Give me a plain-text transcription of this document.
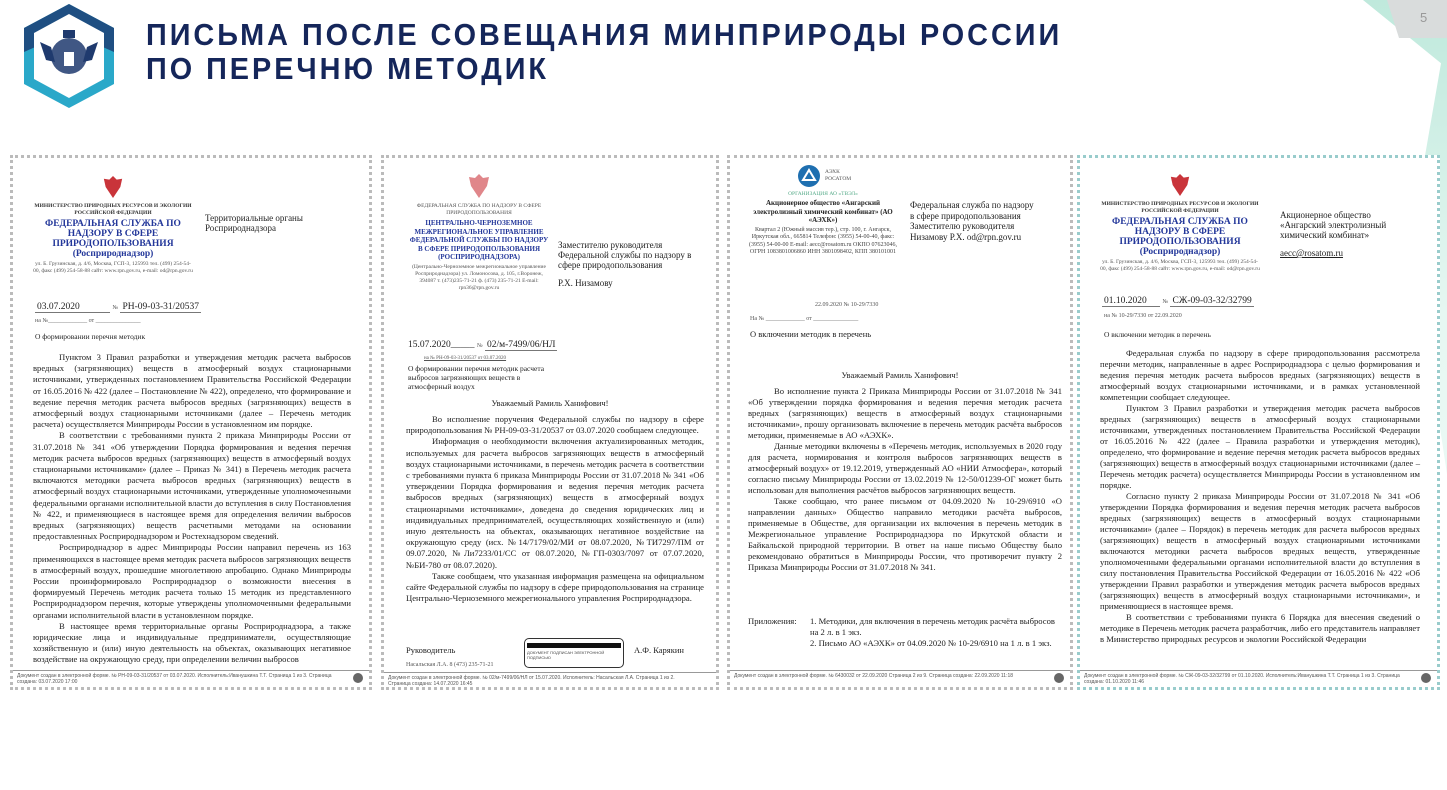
ПИСЬМА ПОСЛЕ СОВЕЩАНИЯ МИНПРИРОДЫ РОССИИ
ПО ПЕРЕЧНЮ МЕТОДИК
5
МИНИСТЕРСТВО ПРИРОДНЫХ РЕСУРСОВ И ЭКОЛОГИИ РОССИЙСКОЙ ФЕДЕРАЦИИ
ФЕДЕРАЛЬНАЯ СЛУЖБА ПО НАДЗОРУ В СФЕРЕ ПРИРОДОПОЛЬЗОВАНИЯ (Росприроднадзор)
ул. Б. Грузинская, д. 4/6, Москва, ГСП-3, 125993 тел. (499) 254-54-00, факс (499) 254-58-88 сайт: www.rpn.gov.ru, e-mail: od@rpn.gov.ru
03.07.2020	№ РН-09-03-31/20537
на №_____________ от _______________
Территориальные органы Росприроднадзора
О формировании перечня методик

Пунктом 3 Правил разработки и утверждения методик расчета выбросов вредных (загрязняющих) веществ в атмосферный воздух стационарными источниками, утвержденных постановлением Правительства Российской Федерации от 16.05.2016 № 422 (далее – Постановление № 422), определено, что формирование и ведение перечня методик расчета выбросов вредных (загрязняющих) веществ в атмосферный воздух стационарными источниками (далее – Перечень методик расчета) осуществляется Минприроды России в установленном им порядке.

В соответствии с требованиями пункта 2 приказа Минприроды России от 31.07.2018 № 341 «Об утверждении Порядка формирования и ведения перечня методик расчета выбросов вредных (загрязняющих) веществ в атмосферный воздух стационарными источниками» (далее – Приказ № 341) в Перечень методик расчета включаются методики расчета выбросов вредных (загрязняющих) веществ в атмосферный воздух стационарными источниками, утвержденные уполномоченными федеральными органами исполнительной власти до вступления в силу Постановления № 422, и применяющиеся в настоящее время для определения величин выбросов вредных (загрязняющих) веществ расчетными методами на основании предоставленных Росприроднадзором и Ростехнадзором сведений.

Росприроднадзор в адрес Минприроды России направил перечень из 163 применяющихся в настоящее время методик расчета выбросов загрязняющих веществ в атмосферный воздух, прошедшие многолетнюю апробацию. Однако Минприроды России проинформировало Росприроднадзор о возможности внесения в формируемый Перечень методик расчета только 15 методик из представленного Росприроднадзором перечня, которые утверждены уполномоченными федеральными органами исполнительной власти в установленном порядке.

В настоящее время территориальные органы Росприроднадзора, а также юридические лица и индивидуальные предприниматели, осуществляющие хозяйственную и (или) иную деятельность на объектах, оказывающих негативное воздействие на окружающую среду, при определении величин выбросов

Документ создан в электронной форме. № РН-09-03-31/20537 от 03.07.2020. Исполнитель:Иванушкина Т.Т. Страница 1 из 3. Страница создана: 03.07.2020 17:00
ФЕДЕРАЛЬНАЯ СЛУЖБА ПО НАДЗОРУ В СФЕРЕ ПРИРОДОПОЛЬЗОВАНИЯ
ЦЕНТРАЛЬНО-ЧЕРНОЗЕМНОЕ МЕЖРЕГИОНАЛЬНОЕ УПРАВЛЕНИЕ ФЕДЕРАЛЬНОЙ СЛУЖБЫ ПО НАДЗОРУ В СФЕРЕ ПРИРОДОПОЛЬЗОВАНИЯ (РОСПРИРОДНАДЗОРА)
(Центрально-Черноземное межрегиональное управление Росприроднадзора) ул. Ломоносова, д. 105, г.Воронеж, 394087 т. (473)235-71-21 ф. (473) 235-71-21 E-mail: rpn36@rpn.gov.ru
15.07.2020_____ № 02/м-7499/06/НЛ
на № РН-09-03-31/20537 от 03.07.2020
О формировании перечня методик расчета выбросов загрязняющих веществ в атмосферный воздух
Заместителю руководителя Федеральной службы по надзору в сфере природопользования
Р.Х. Низамову
Уважаемый Рамиль Ханифович!

Во исполнение поручения Федеральной службы по надзору в сфере природопользования № РН-09-03-31/20537 от 03.07.2020 сообщаем следующее.

Информация о необходимости включения актуализированных методик, используемых для расчета выбросов загрязняющих веществ в атмосферный воздух стационарными источниками, в перечень методик расчета в соответствии с требованиями пункта 6 приказа Минприроды России от 31.07.2018 № 341 «Об утверждении Порядка формирования и ведения перечня методик расчета выбросов вредных (загрязняющих) веществ в атмосферный воздух стационарными источниками», доведена до сведения юридических лиц и индивидуальных предпринимателей, осуществляющих хозяйственную и (или) иную деятельность на объектах, оказывающих негативное воздействие на окружающую среду (исх. №14/7179/02/МИ от 08.07.2020, №ТИ7297/ПМ от 09.07.2020, №Ли7233/01/СС от 08.07.2020, №ГП-0303/7097 от 07.07.2020, №БИ-780 от 08.07.2020).

Также сообщаем, что указанная информация размещена на официальном сайте Федеральной службы по надзору в сфере природопользования на странице Центрально-Черноземного межрегионального управления Росприроднадзора.

Руководитель	А.Ф. Карякин
ДОКУМЕНТ ПОДПИСАН ЭЛЕКТРОННОЙ ПОДПИСЬЮ
Насальская Л.А. 8 (473) 235-71-21
Документ создан в электронной форме. № 02/м-7499/06/НЛ от 15.07.2020. Исполнитель: Насальская Л.А. Страница 1 из 2. Страница создана: 14.07.2020 16:45
АЭХК РОСАТОМ
ОРГАНИЗАЦИЯ АО «ТВЭЛ»
Акционерное общество «Ангарский электролизный химический комбинат» (АО «АЭХК»)
Квартал 2 (Южный массив тер.), стр. 100, г. Ангарск, Иркутская обл., 665814 Телефон: (3955) 54-00-40, факс: (3955) 54-00-00 E-mail: aecc@rosatom.ru ОКПО 07623046, ОГРН 1083801006860 ИНН 3801098402, КПП 380101001
22.09.2020 № 10-29/7330
На № _____________ от _______________
О включении методик в перечень
Федеральная служба по надзору в сфере природопользования Заместителю руководителя Низамову Р.Х. od@rpn.gov.ru
Уважаемый Рамиль Ханифович!

Во исполнение пункта 2 Приказа Минприроды России от 31.07.2018 № 341 «Об утверждении порядка формирования и ведения перечня методик расчета вредных (загрязняющих) веществ в атмосферный воздух стационарными источниками», прошу организовать включение в перечень методик расчёта выбросов методики, применяемые в АО «АЭХК».

Данные методики включены в «Перечень методик, используемых в 2020 году для расчета, нормирования и контроля выбросов загрязняющих веществ в атмосферный воздух» от 19.12.2019, утвержденный АО «НИИ Атмосфера», который согласно письму Минприроды России от 13.02.2019 № 12-50/01239-ОГ может быть использован для выполнения расчётов выбросов загрязняющих веществ.

Также сообщаю, что ранее письмом от 04.09.2020 № 10-29/6910 «О направлении данных» Общество направило методики расчёта выбросов, применяемые в Обществе, для организации их включения в перечень методик в Межрегиональное управление Росприроднадзора по Иркутской области и Байкальской природной территории. В ответ на наше письмо Обществу было рекомендовано обратиться в Минприроды России, что противоречит пункту 2 Приказа Минприроды России от 31.07.2018 № 341.

Приложения: 1. Методики, для включения в перечень методик расчёта выбросов на 2 л. в 1 экз.
2. Письмо АО «АЭХК» от 04.09.2020 № 10-29/6910 на 1 л. в 1 экз.
Документ создан в электронной форме. № 6430032 от 22.09.2020 Страница 2 из 9. Страница создана: 22.09.2020 11:18
МИНИСТЕРСТВО ПРИРОДНЫХ РЕСУРСОВ И ЭКОЛОГИИ РОССИЙСКОЙ ФЕДЕРАЦИИ
ФЕДЕРАЛЬНАЯ СЛУЖБА ПО НАДЗОРУ В СФЕРЕ ПРИРОДОПОЛЬЗОВАНИЯ (Росприроднадзор)
ул. Б. Грузинская, д. 4/6, Москва, ГСП-3, 125993 тел. (499) 254-54-00, факс (499) 254-58-88 сайт: www.rpn.gov.ru, e-mail: od@rpn.gov.ru
01.10.2020	№ СЖ-09-03-32/32799
на № 10-29/7330 от 22.09.2020
Акционерное общество «Ангарский электролизный химический комбинат»
aecc@rosatom.ru
О включении методик в перечень

Федеральная служба по надзору в сфере природопользования рассмотрела перечни методик, направленные в адрес Росприроднадзора с целью формирования и ведения перечня методик расчета выбросов вредных (загрязняющих) веществ в атмосферный воздух стационарными источниками, и в рамках установленной компетенции сообщает следующее.

Пунктом 3 Правил разработки и утверждения методик расчета выбросов вредных (загрязняющих) веществ в атмосферный воздух стационарными источниками, утвержденных постановлением Правительства Российской Федерации от 16.05.2016 № 422 (далее – Правила разработки и утверждения методик), определено, что формирование и ведение перечня методик расчета выбросов вредных (загрязняющих) веществ в атмосферный воздух стационарными источниками (далее – Перечень методик расчета) осуществляется Минприроды России в установленном им порядке.

Согласно пункту 2 приказа Минприроды России от 31.07.2018 № 341 «Об утверждении Порядка формирования и ведения перечня методик расчета выбросов вредных (загрязняющих) веществ в атмосферный воздух стационарными источниками» (далее – Порядок) в перечень методик для расчета выбросов вредных (загрязняющих) веществ в атмосферный воздух стационарными источниками включаются методики расчета выбросов вредных веществ, утвержденные уполномоченными федеральными органами исполнительной власти до вступления в силу постановления Правительства Российской Федерации от 16.05.2016 № 422 «Об утверждении Правил разработки и утверждения методик расчета выбросов вредных (загрязняющих) веществ в атмосферный воздух стационарными источниками», и применяющиеся в настоящее время.

В соответствии с требованиями пункта 6 Порядка для внесения сведений о методике в Перечень методик расчета разработчик, либо его представитель направляет в Министерство природных ресурсов и экологии Российской Федерации

Документ создан в электронной форме. № СЖ-09-03-32/32799 от 01.10.2020. Исполнитель:Иванушкина Т.Т. Страница 1 из 3. Страница создана: 01.10.2020 11:46
